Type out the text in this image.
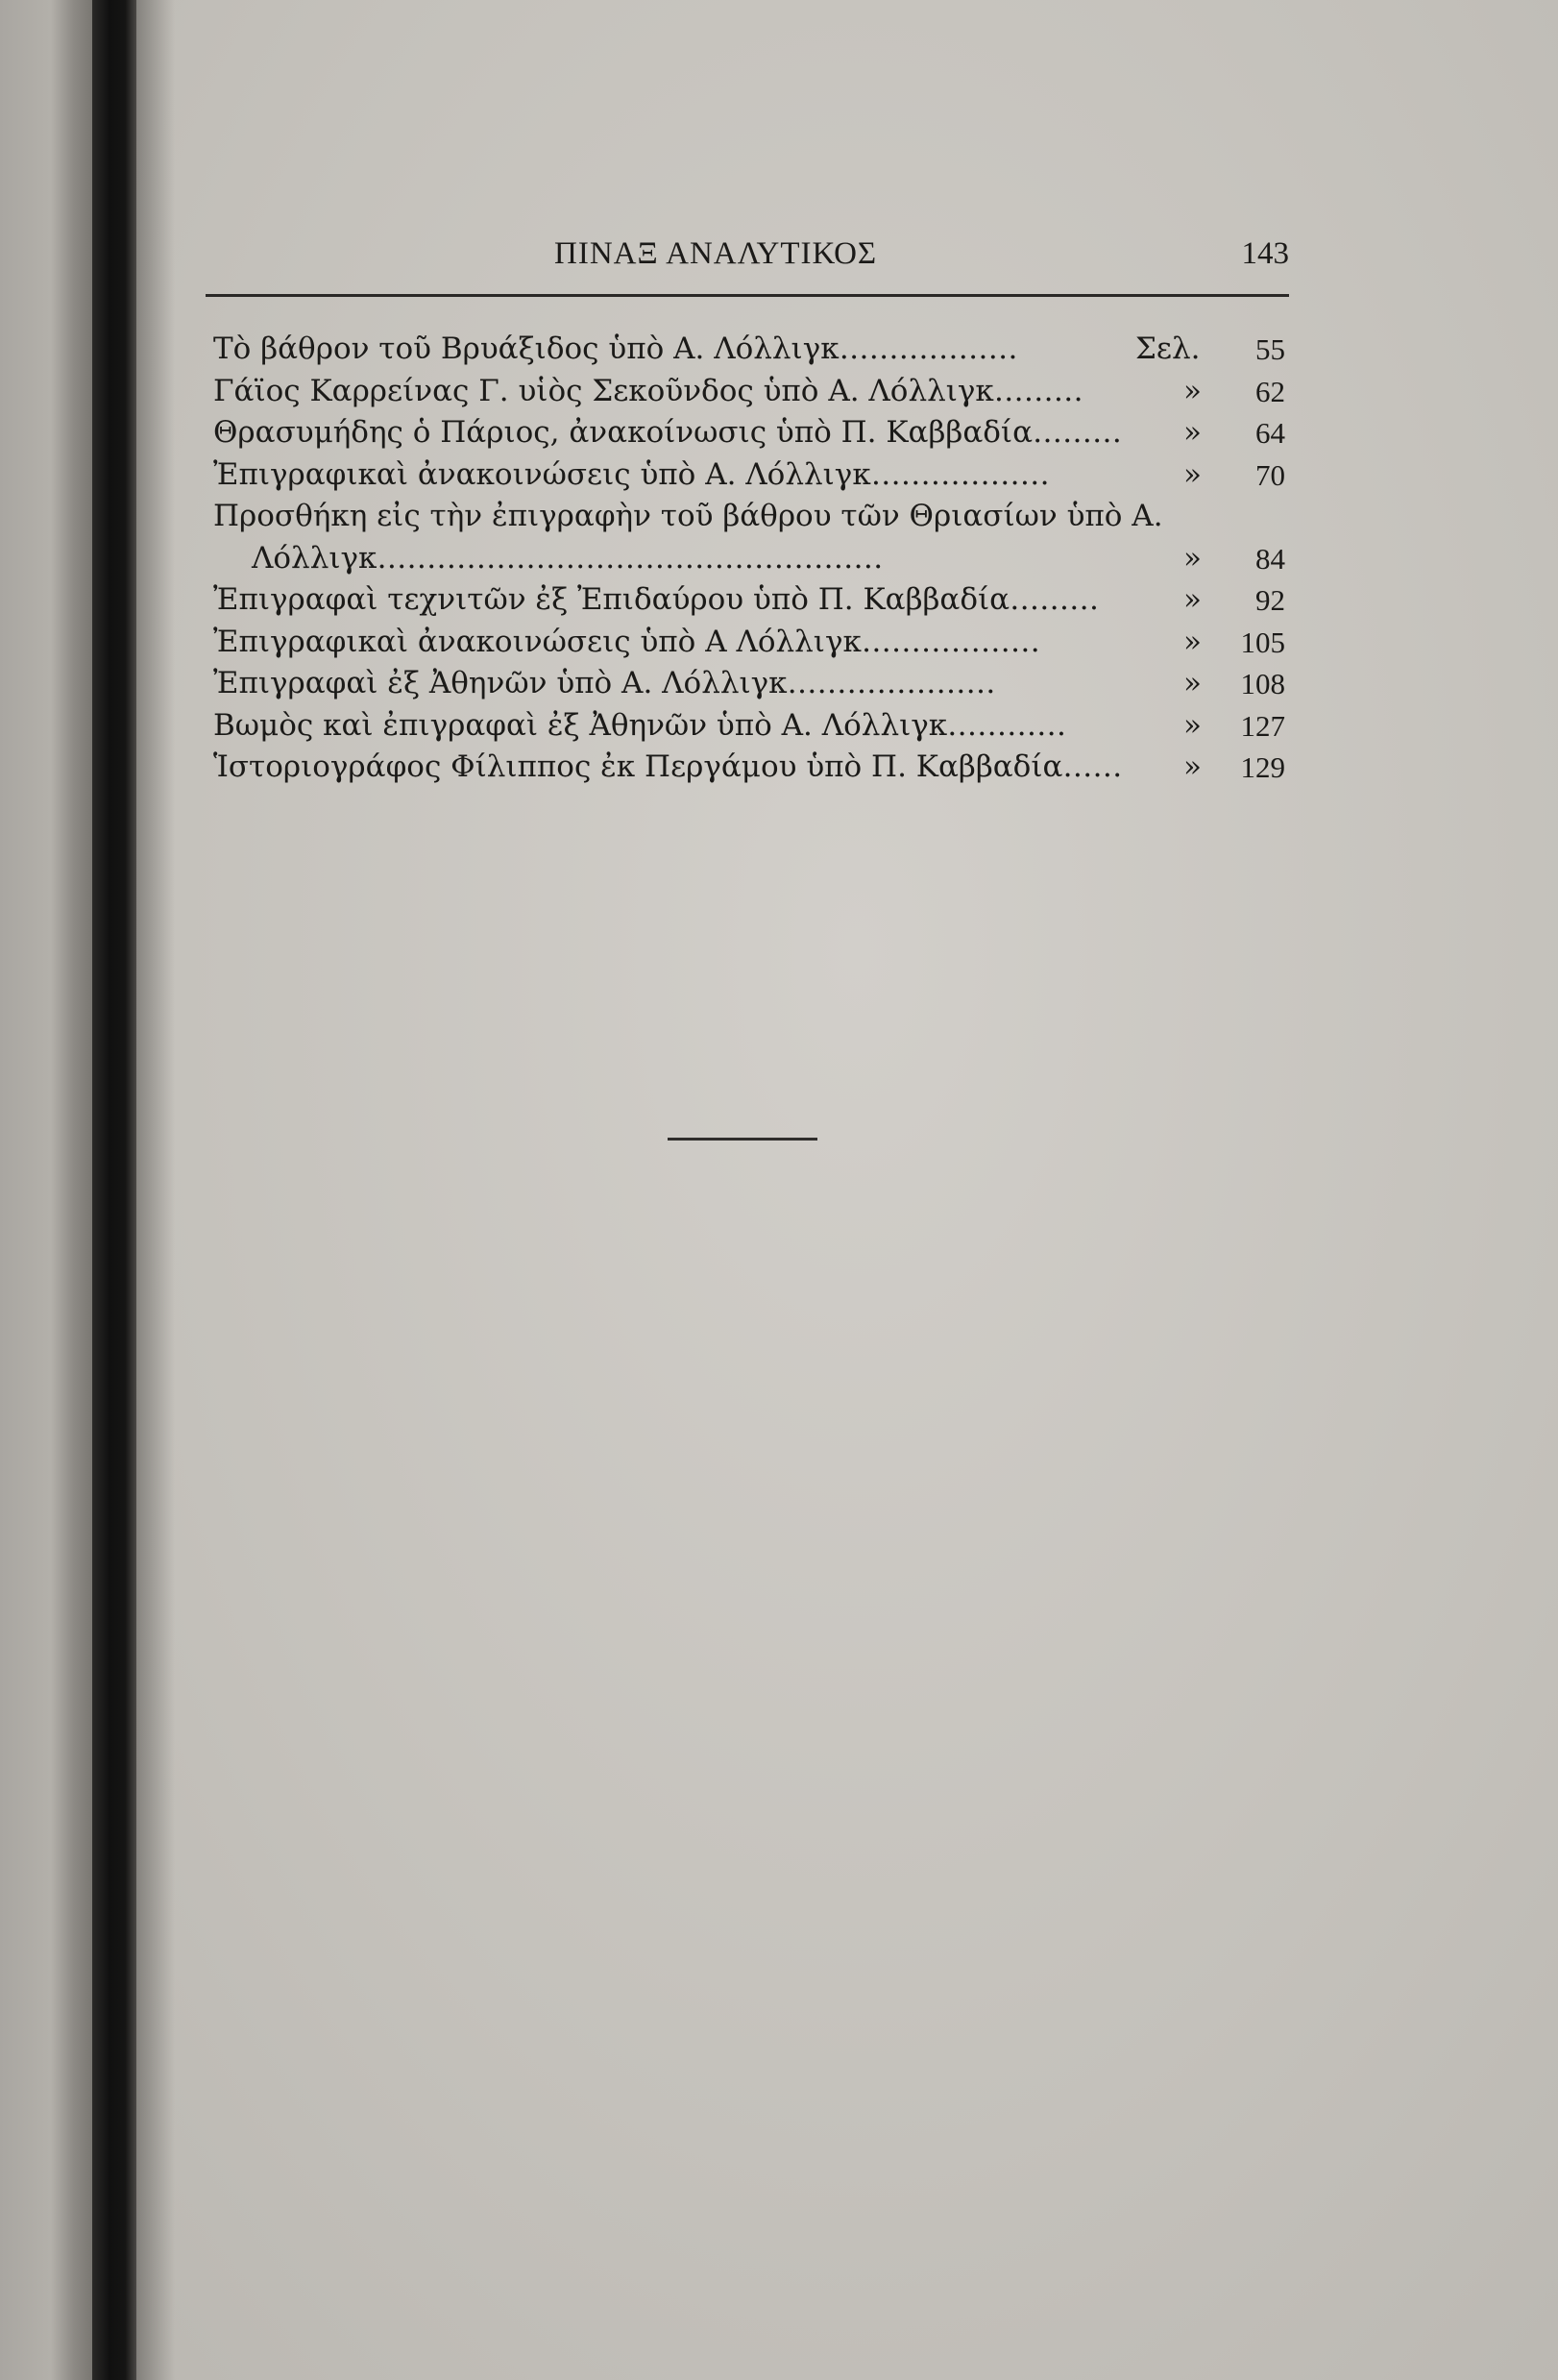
ΠΙΝΑΞ ΑΝΑΛΥΤΙΚΟΣ	143
Τὸ βάθρον τοῦ Βρυάξιδος ὑπὸ Α. Λόλλιγκ………………	Σελ.	55
Γάϊος Καρρείνας Γ. υἱὸς Σεκοῦνδος ὑπὸ Α. Λόλλιγκ………	»	62
Θρασυμήδης ὁ Πάριος, ἀνακοίνωσις ὑπὸ Π. Καββαδία……… »	64
Ἐπιγραφικαὶ ἀνακοινώσεις ὑπὸ Α. Λόλλιγκ………………	»	70
Προσθήκη εἰς τὴν ἐπιγραφὴν τοῦ βάθρου τῶν Θριασίων ὑπὸ Α.
Λόλλιγκ……………………………………………	»	84
Ἐπιγραφαὶ τεχνιτῶν ἐξ Ἐπιδαύρου ὑπὸ Π. Καββαδία………	»	92
Ἐπιγραφικαὶ ἀνακοινώσεις ὑπὸ Α Λόλλιγκ………………	»	105
Ἐπιγραφαὶ ἐξ Ἀθηνῶν ὑπὸ Α. Λόλλιγκ…………………	»	108
Βωμὸς καὶ ἐπιγραφαὶ ἐξ Ἀθηνῶν ὑπὸ Α. Λόλλιγκ…………	»	127
Ἱστοριογράφος Φίλιππος ἐκ Περγάμου ὑπὸ Π. Καββαδία…… »	129
